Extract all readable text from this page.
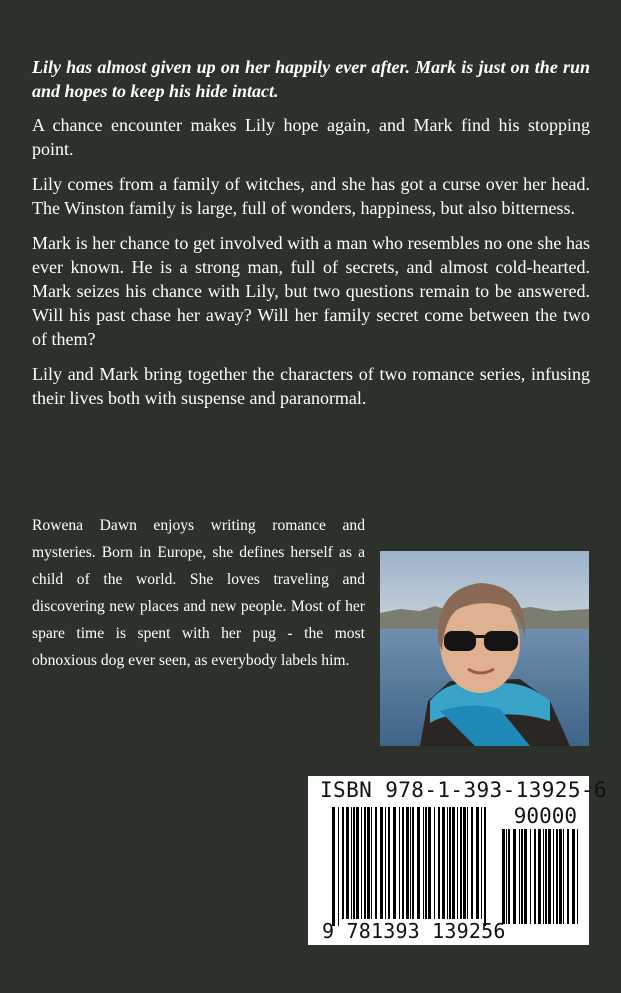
Lily has almost given up on her happily ever after. Mark is just on the run and hopes to keep his hide intact.

A chance encounter makes Lily hope again, and Mark find his stopping point.

Lily comes from a family of witches, and she has got a curse over her head. The Winston family is large, full of wonders, happiness, but also bitterness.

Mark is her chance to get involved with a man who resembles no one she has ever known. He is a strong man, full of secrets, and almost cold-hearted. Mark seizes his chance with Lily, but two questions remain to be answered. Will his past chase her away? Will her family secret come between the two of them?

Lily and Mark bring together the characters of two romance series, infusing their lives both with suspense and paranormal.

Rowena Dawn enjoys writing romance and mysteries. Born in Europe, she defines herself as a child of the world. She loves traveling and discovering new places and new people. Most of her spare time is spent with her pug - the most obnoxious dog ever seen, as everybody labels him.

ISBN 978-1-393-13925-6
90000
9 781393 139256
